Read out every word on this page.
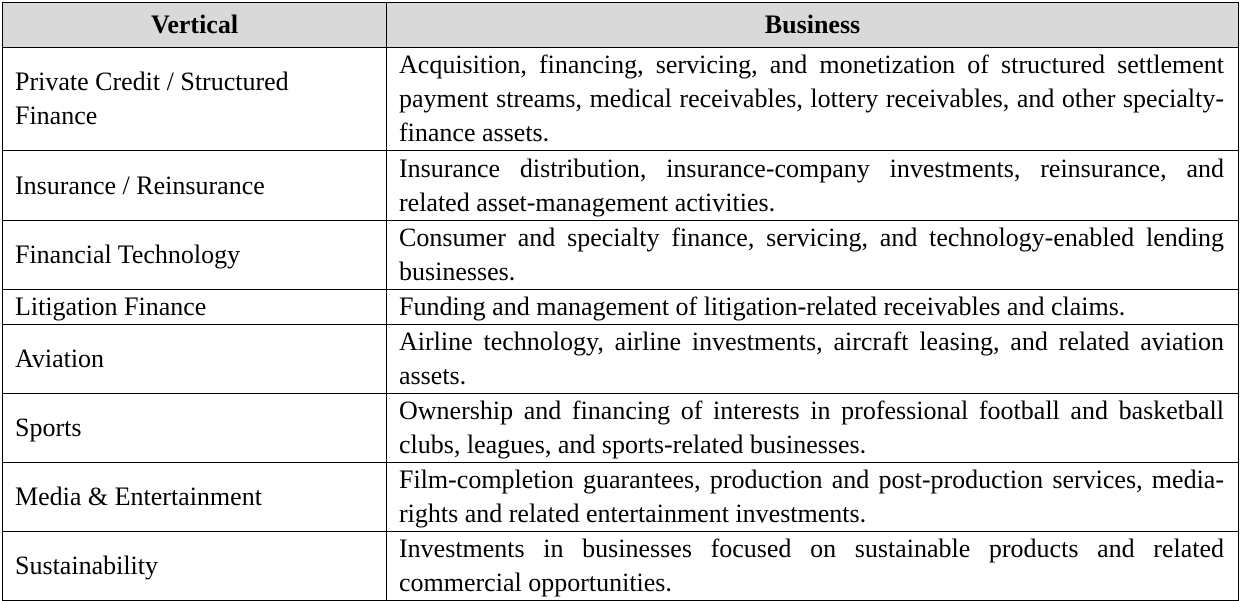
Vertical	Business
Private Credit / Structured Finance	Acquisition, financing, servicing, and monetization of structured settlement payment streams, medical receivables, lottery receivables, and other specialty-finance assets.
Insurance / Reinsurance	Insurance distribution, insurance-company investments, reinsurance, and related asset-management activities.
Financial Technology	Consumer and specialty finance, servicing, and technology-enabled lending businesses.
Litigation Finance	Funding and management of litigation-related receivables and claims.
Aviation	Airline technology, airline investments, aircraft leasing, and related aviation assets.
Sports	Ownership and financing of interests in professional football and basketball clubs, leagues, and sports-related businesses.
Media & Entertainment	Film-completion guarantees, production and post-production services, media-rights and related entertainment investments.
Sustainability	Investments in businesses focused on sustainable products and related commercial opportunities.
